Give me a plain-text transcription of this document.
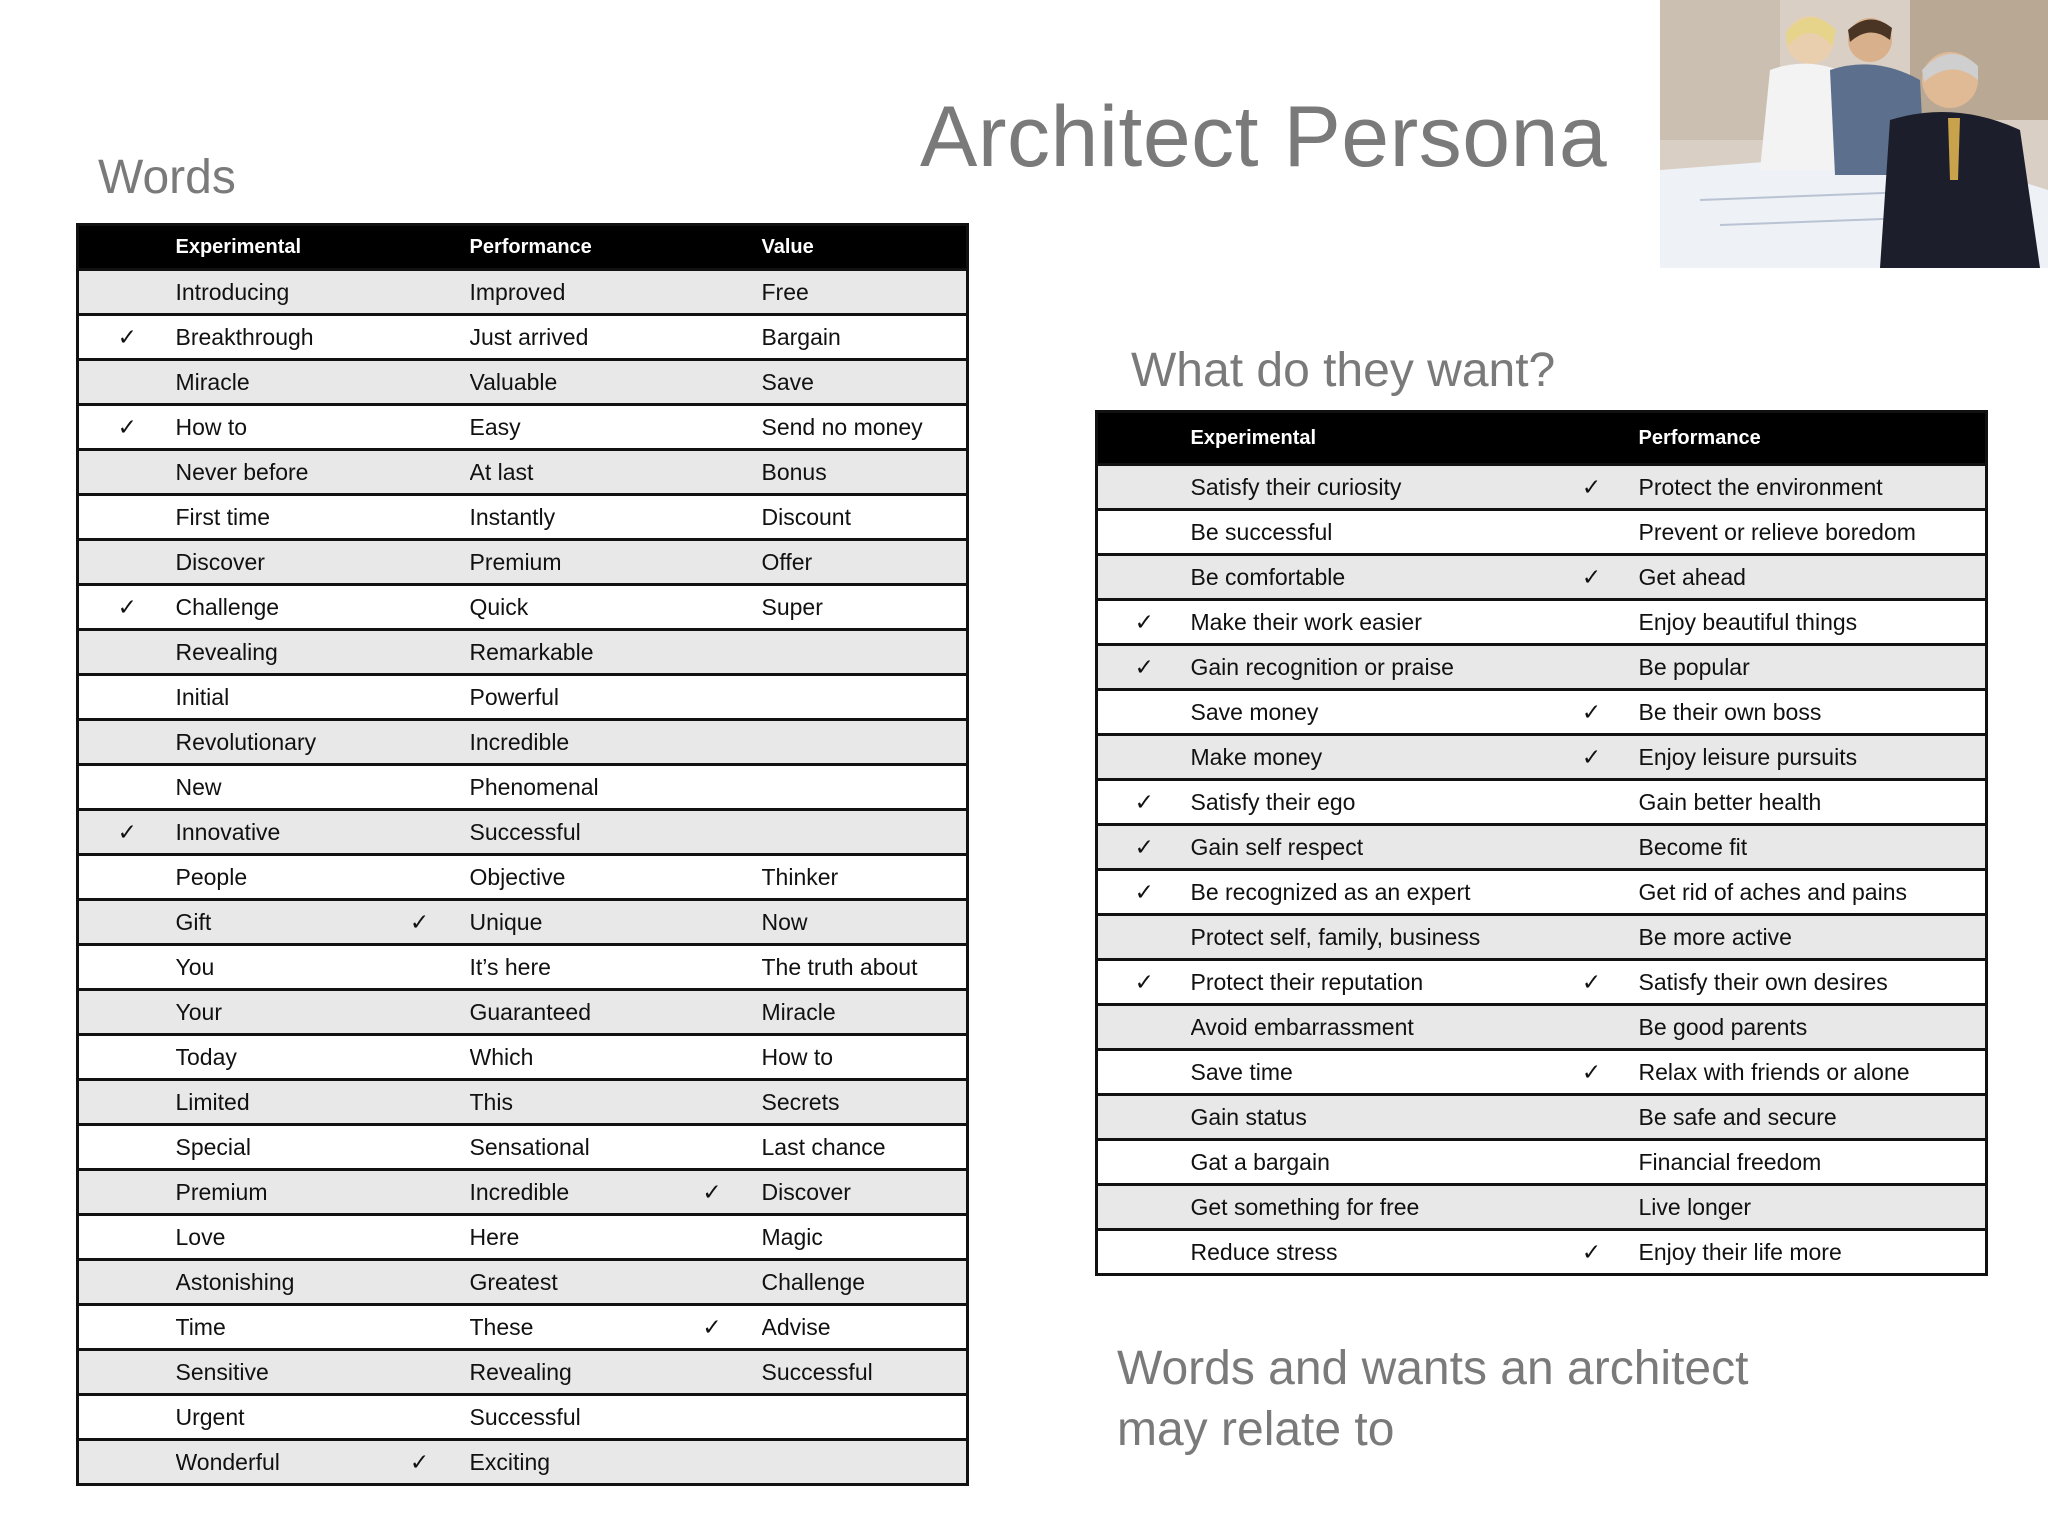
Architect Persona
Words
What do they want?
Words and wants an architect
may relate to
	Experimental		Performance		Value
	Introducing		Improved		Free
✓	Breakthrough		Just arrived		Bargain
	Miracle		Valuable		Save
✓	How to		Easy		Send no money
	Never before		At last		Bonus
	First time		Instantly		Discount
	Discover		Premium		Offer
✓	Challenge		Quick		Super
	Revealing		Remarkable		
	Initial		Powerful		
	Revolutionary		Incredible		
	New		Phenomenal		
✓	Innovative		Successful		
	People		Objective		Thinker
	Gift	✓	Unique		Now
	You		It’s here		The truth about
	Your		Guaranteed		Miracle
	Today		Which		How to
	Limited		This		Secrets
	Special		Sensational		Last chance
	Premium		Incredible	✓	Discover
	Love		Here		Magic
	Astonishing		Greatest		Challenge
	Time		These	✓	Advise
	Sensitive		Revealing		Successful
	Urgent		Successful		
	Wonderful	✓	Exciting		
	Experimental		Performance
	Satisfy their curiosity	✓	Protect the environment
	Be successful		Prevent or relieve boredom
	Be comfortable	✓	Get ahead
✓	Make their work easier		Enjoy beautiful things
✓	Gain recognition or praise		Be popular
	Save money	✓	Be their own boss
	Make money	✓	Enjoy leisure pursuits
✓	Satisfy their ego		Gain better health
✓	Gain self respect		Become fit
✓	Be recognized as an expert		Get rid of aches and pains
	Protect self, family, business		Be more active
✓	Protect their reputation	✓	Satisfy their own desires
	Avoid embarrassment		Be good parents
	Save time	✓	Relax with friends or alone
	Gain status		Be safe and secure
	Gat a bargain		Financial freedom
	Get something for free		Live longer
	Reduce stress	✓	Enjoy their life more
